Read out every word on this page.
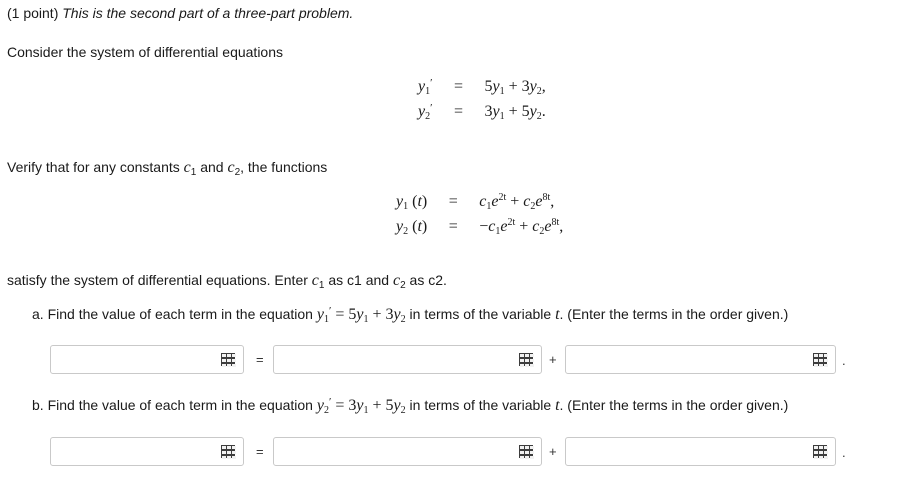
(1 point) This is the second part of a three-part problem.
Consider the system of differential equations
$y_1' = 5y_1 + 3y_2$,
$y_2' = 3y_1 + 5y_2$.
Verify that for any constants $c_1$ and $c_2$, the functions
$y_1$ $(t) = c_1e^{2t} + c_2e^{8t}$,
$y_2$ $(t) = -c_1e^{2t} + c_2e^{8t}$,
satisfy the system of differential equations. Enter $c_1$ as c1 and $c_2$ as c2.
a. Find the value of each term in the equation $y_1' = 5y_1 + 3y_2$ in terms of the variable t. (Enter the terms in the order given.)
=	+	.
b. Find the value of each term in the equation $y_2' = 3y_1 + 5y_2$ in terms of the variable t. (Enter the terms in the order given.)
=	+	.
